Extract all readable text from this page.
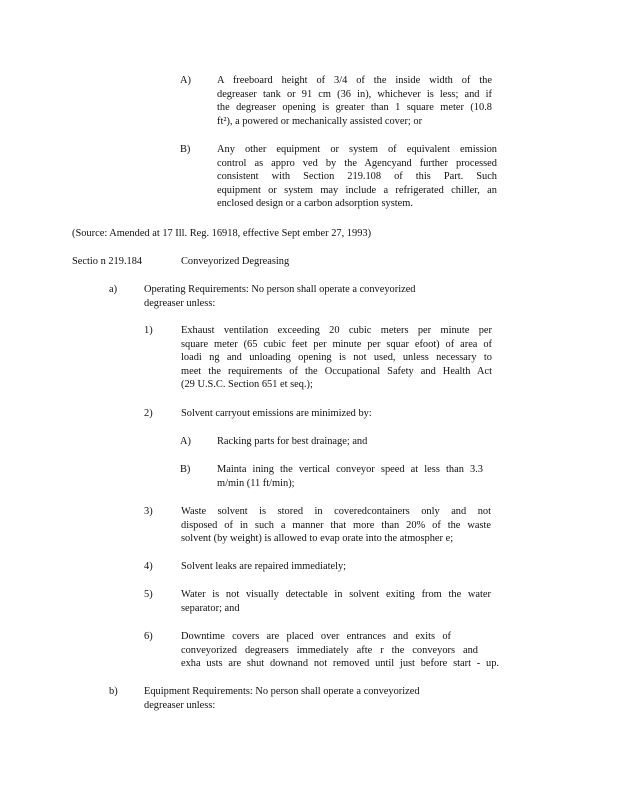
A)	A freeboard height of 3/4 of the inside width of the
degreaser tank or 91 cm (36 in), whichever is less; and if
the degreaser opening is greater than 1 square meter (10.8
ft²), a powered or mechanically assisted cover; or
B)	Any other equipment or system of equivalent emission
control as appro ved by the Agencyand further processed
consistent with Section 219.108 of this Part. Such
equipment or system may include a refrigerated chiller, an
enclosed design or a carbon adsorption system.
(Source: Amended at 17 Ill. Reg. 16918, effective Sept ember 27, 1993)
Sectio n 219.184	Conveyorized Degreasing
a)	Operating Requirements: No person shall operate a conveyorized
degreaser unless:
1)	Exhaust ventilation exceeding 20 cubic meters per minute per
square meter (65 cubic feet per minute per squar efoot) of area of
loadi ng and unloading opening is not used, unless necessary to
meet the requirements of the Occupational Safety and Health Act
(29 U.S.C. Section 651 et seq.);
2)	Solvent carryout emissions are minimized by:
A)	Racking parts for best drainage; and
B)	Mainta ining the vertical conveyor speed at less than 3.3
m/min (11 ft/min);
3)	Waste solvent is stored in coveredcontainers only and not
disposed of in such a manner that more than 20% of the waste
solvent (by weight) is allowed to evap orate into the atmospher e;
4)	Solvent leaks are repaired immediately;
5)	Water is not visually detectable in solvent exiting from the water
separator; and
6)	Downtime covers are placed over entrances and exits of
conveyorized degreasers immediately afte r the conveyors and
exha usts are shut downand not removed until just before start - up.
b)	Equipment Requirements: No person shall operate a conveyorized
degreaser unless:
